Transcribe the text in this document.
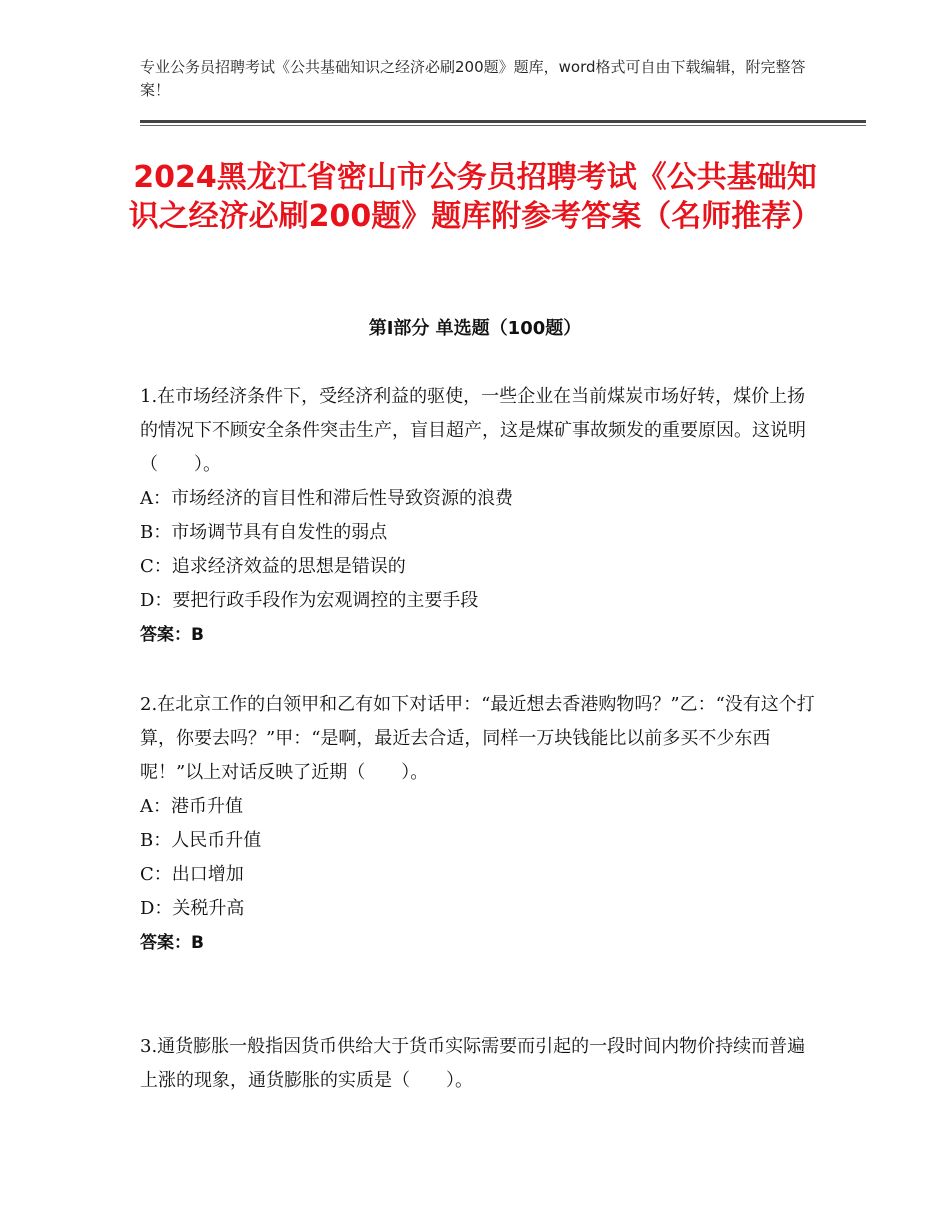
专业公务员招聘考试《公共基础知识之经济必刷200题》题库，word格式可自由下载编辑，附完整答案！
2024黑龙江省密山市公务员招聘考试《公共基础知识之经济必刷200题》题库附参考答案（名师推荐）
第Ⅰ部分 单选题（100题）

1.在市场经济条件下，受经济利益的驱使，一些企业在当前煤炭市场好转，煤价上扬的情况下不顾安全条件突击生产，盲目超产，这是煤矿事故频发的重要原因。这说明（　　）。

A：市场经济的盲目性和滞后性导致资源的浪费

B：市场调节具有自发性的弱点

C：追求经济效益的思想是错误的

D：要把行政手段作为宏观调控的主要手段

答案：B

2.在北京工作的白领甲和乙有如下对话甲：“最近想去香港购物吗？”乙：“没有这个打算，你要去吗？”甲：“是啊，最近去合适，同样一万块钱能比以前多买不少东西呢！”以上对话反映了近期（　　）。

A：港币升值

B：人民币升值

C：出口增加

D：关税升高

答案：B

3.通货膨胀一般指因货币供给大于货币实际需要而引起的一段时间内物价持续而普遍上涨的现象，通货膨胀的实质是（　　）。
